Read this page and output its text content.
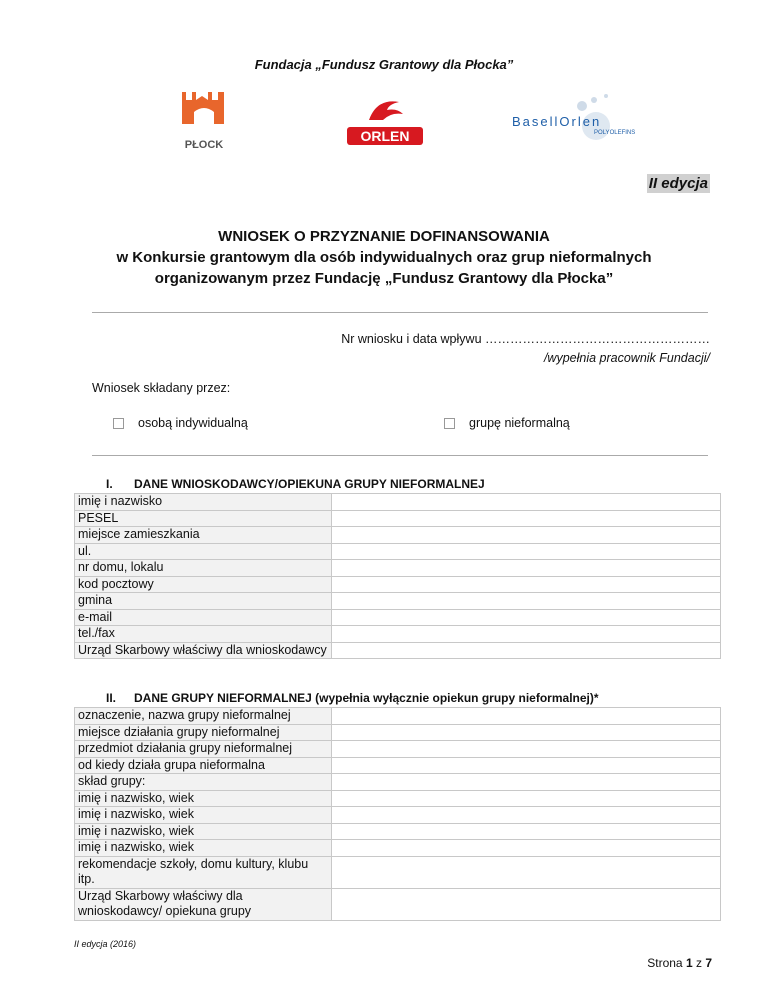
Fundacja „Fundusz Grantowy dla Płocka”
PŁOCK
ORLEN
BasellOrlen
POLYOLEFINS
II edycja
WNIOSEK O PRZYZNANIE DOFINANSOWANIA
w Konkursie grantowym dla osób indywidualnych oraz grup nieformalnych
organizowanym przez Fundację „Fundusz Grantowy dla Płocka”
Nr wniosku i data wpływu ………………………………………………
/wypełnia pracownik Fundacji/
Wniosek składany przez:
osobą indywidualną	grupę nieformalną
I. DANE WNIOSKODAWCY/OPIEKUNA GRUPY NIEFORMALNEJ
imię i nazwisko	
PESEL	
miejsce zamieszkania	
ul.	
nr domu, lokalu	
kod pocztowy	
gmina	
e-mail	
tel./fax	
Urząd Skarbowy właściwy dla wnioskodawcy	
II. DANE GRUPY NIEFORMALNEJ (wypełnia wyłącznie opiekun grupy nieformalnej)*
oznaczenie, nazwa grupy nieformalnej	
miejsce działania grupy nieformalnej	
przedmiot działania grupy nieformalnej	
od kiedy działa grupa nieformalna	
skład grupy:	
imię i nazwisko, wiek	
imię i nazwisko, wiek	
imię i nazwisko, wiek	
imię i nazwisko, wiek	
rekomendacje szkoły, domu kultury, klubu itp.	
Urząd Skarbowy właściwy dla wnioskodawcy/ opiekuna grupy	
II edycja (2016)
Strona 1 z 7
